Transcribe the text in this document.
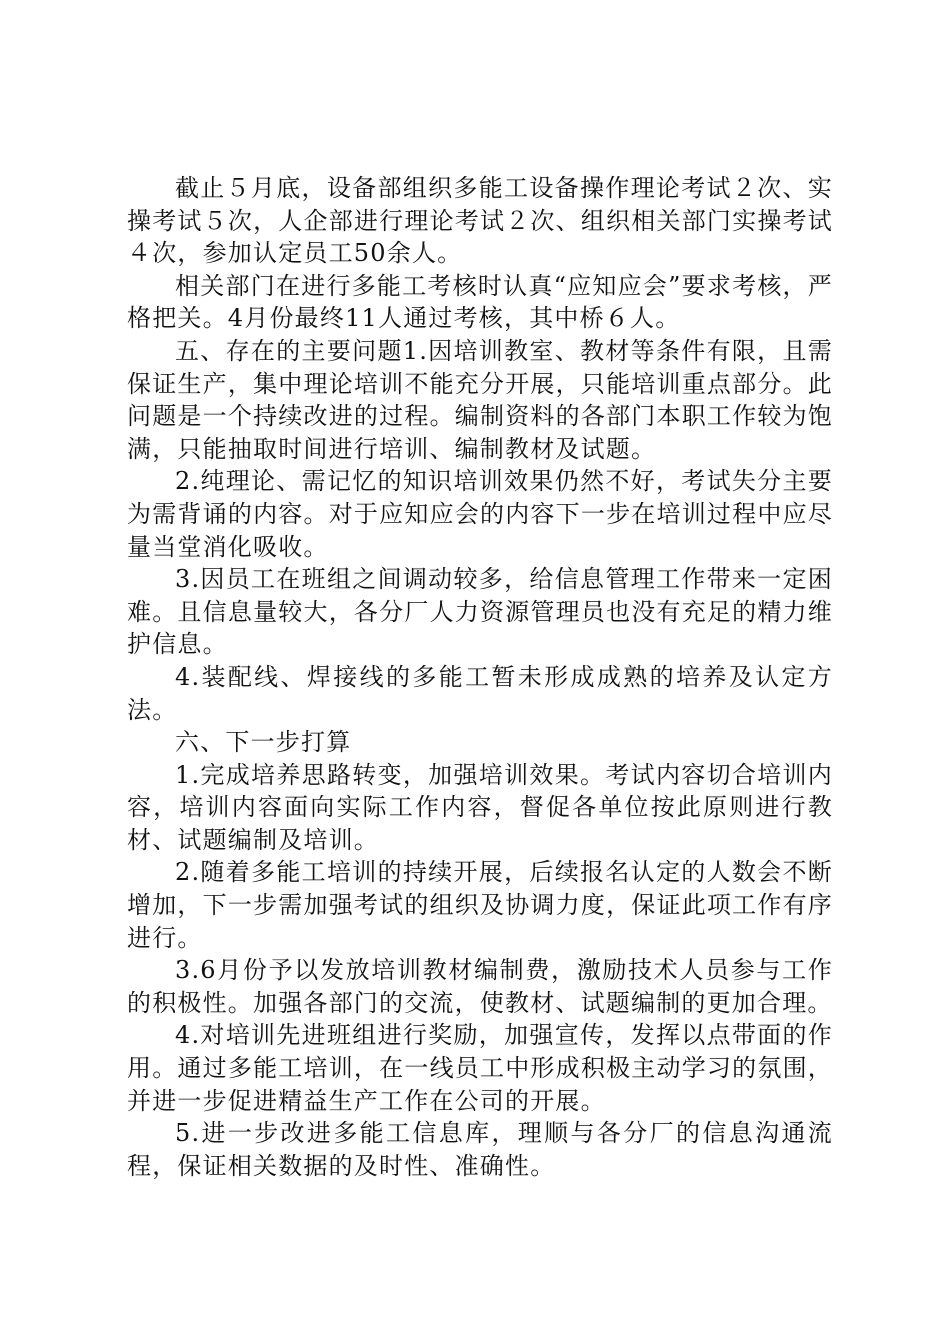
截止５月底，设备部组织多能工设备操作理论考试２次、实操考试５次，人企部进行理论考试２次、组织相关部门实操考试４次，参加认定员工50余人。

相关部门在进行多能工考核时认真“应知应会”要求考核，严格把关。4月份最终11人通过考核，其中桥６人。

五、存在的主要问题1.因培训教室、教材等条件有限，且需保证生产，集中理论培训不能充分开展，只能培训重点部分。此问题是一个持续改进的过程。编制资料的各部门本职工作较为饱满，只能抽取时间进行培训、编制教材及试题。

2.纯理论、需记忆的知识培训效果仍然不好，考试失分主要为需背诵的内容。对于应知应会的内容下一步在培训过程中应尽量当堂消化吸收。

3.因员工在班组之间调动较多，给信息管理工作带来一定困难。且信息量较大，各分厂人力资源管理员也没有充足的精力维护信息。

4.装配线、焊接线的多能工暂未形成成熟的培养及认定方法。

六、下一步打算

1.完成培养思路转变，加强培训效果。考试内容切合培训内容，培训内容面向实际工作内容，督促各单位按此原则进行教材、试题编制及培训。

2.随着多能工培训的持续开展，后续报名认定的人数会不断增加，下一步需加强考试的组织及协调力度，保证此项工作有序进行。

3.6月份予以发放培训教材编制费，激励技术人员参与工作的积极性。加强各部门的交流，使教材、试题编制的更加合理。

4.对培训先进班组进行奖励，加强宣传，发挥以点带面的作用。通过多能工培训，在一线员工中形成积极主动学习的氛围，并进一步促进精益生产工作在公司的开展。

5.进一步改进多能工信息库，理顺与各分厂的信息沟通流程，保证相关数据的及时性、准确性。
